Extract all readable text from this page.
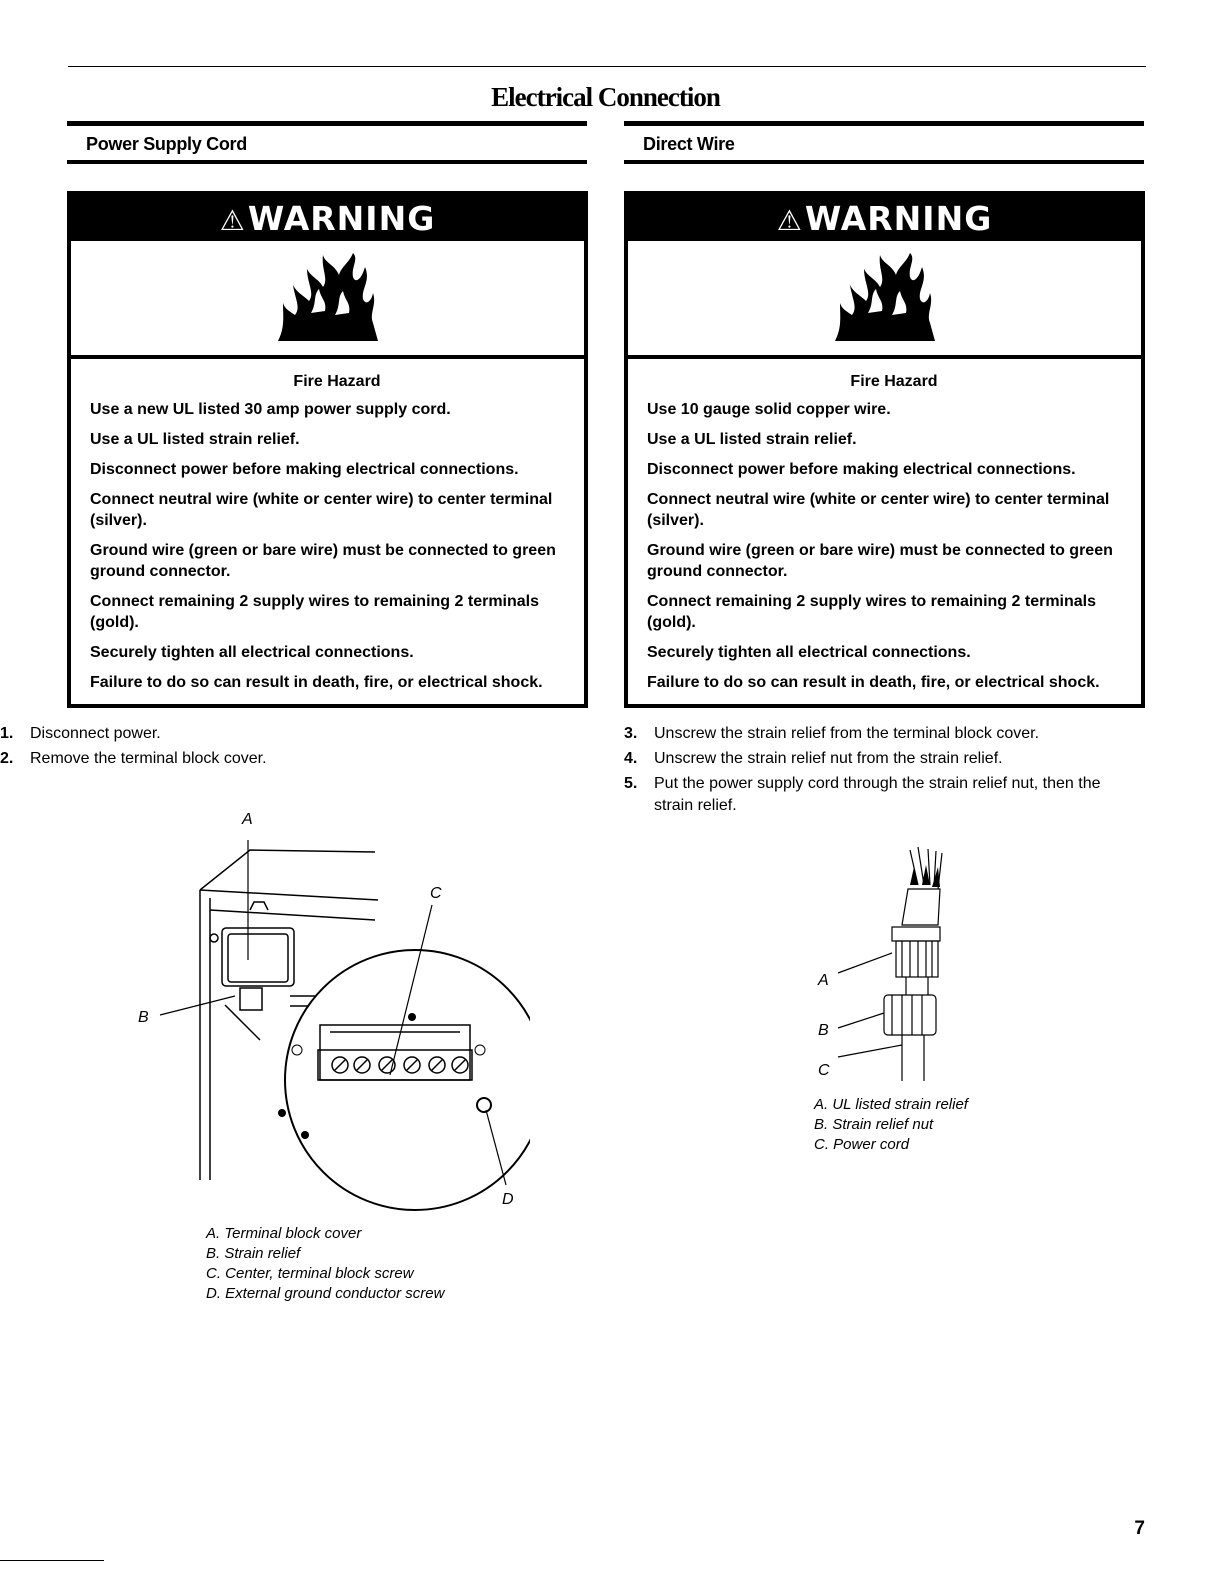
Electrical Connection
Power Supply Cord
⚠WARNING
Fire Hazard
Use a new UL listed 30 amp power supply cord.
Use a UL listed strain relief.
Disconnect power before making electrical connections.
Connect neutral wire (white or center wire) to center terminal (silver).
Ground wire (green or bare wire) must be connected to green ground connector.
Connect remaining 2 supply wires to remaining 2 terminals (gold).
Securely tighten all electrical connections.
Failure to do so can result in death, fire, or electrical shock.
1.	Disconnect power.
2.	Remove the terminal block cover.
A
B
C
D
A. Terminal block cover
B. Strain relief
C. Center, terminal block screw
D. External ground conductor screw
Direct Wire
⚠WARNING
Fire Hazard
Use 10 gauge solid copper wire.
Use a UL listed strain relief.
Disconnect power before making electrical connections.
Connect neutral wire (white or center wire) to center terminal (silver).
Ground wire (green or bare wire) must be connected to green ground connector.
Connect remaining 2 supply wires to remaining 2 terminals (gold).
Securely tighten all electrical connections.
Failure to do so can result in death, fire, or electrical shock.
3.	Unscrew the strain relief from the terminal block cover.
4.	Unscrew the strain relief nut from the strain relief.
5.	Put the power supply cord through the strain relief nut, then the strain relief.
A
B
C
A. UL listed strain relief
B. Strain relief nut
C. Power cord
7
